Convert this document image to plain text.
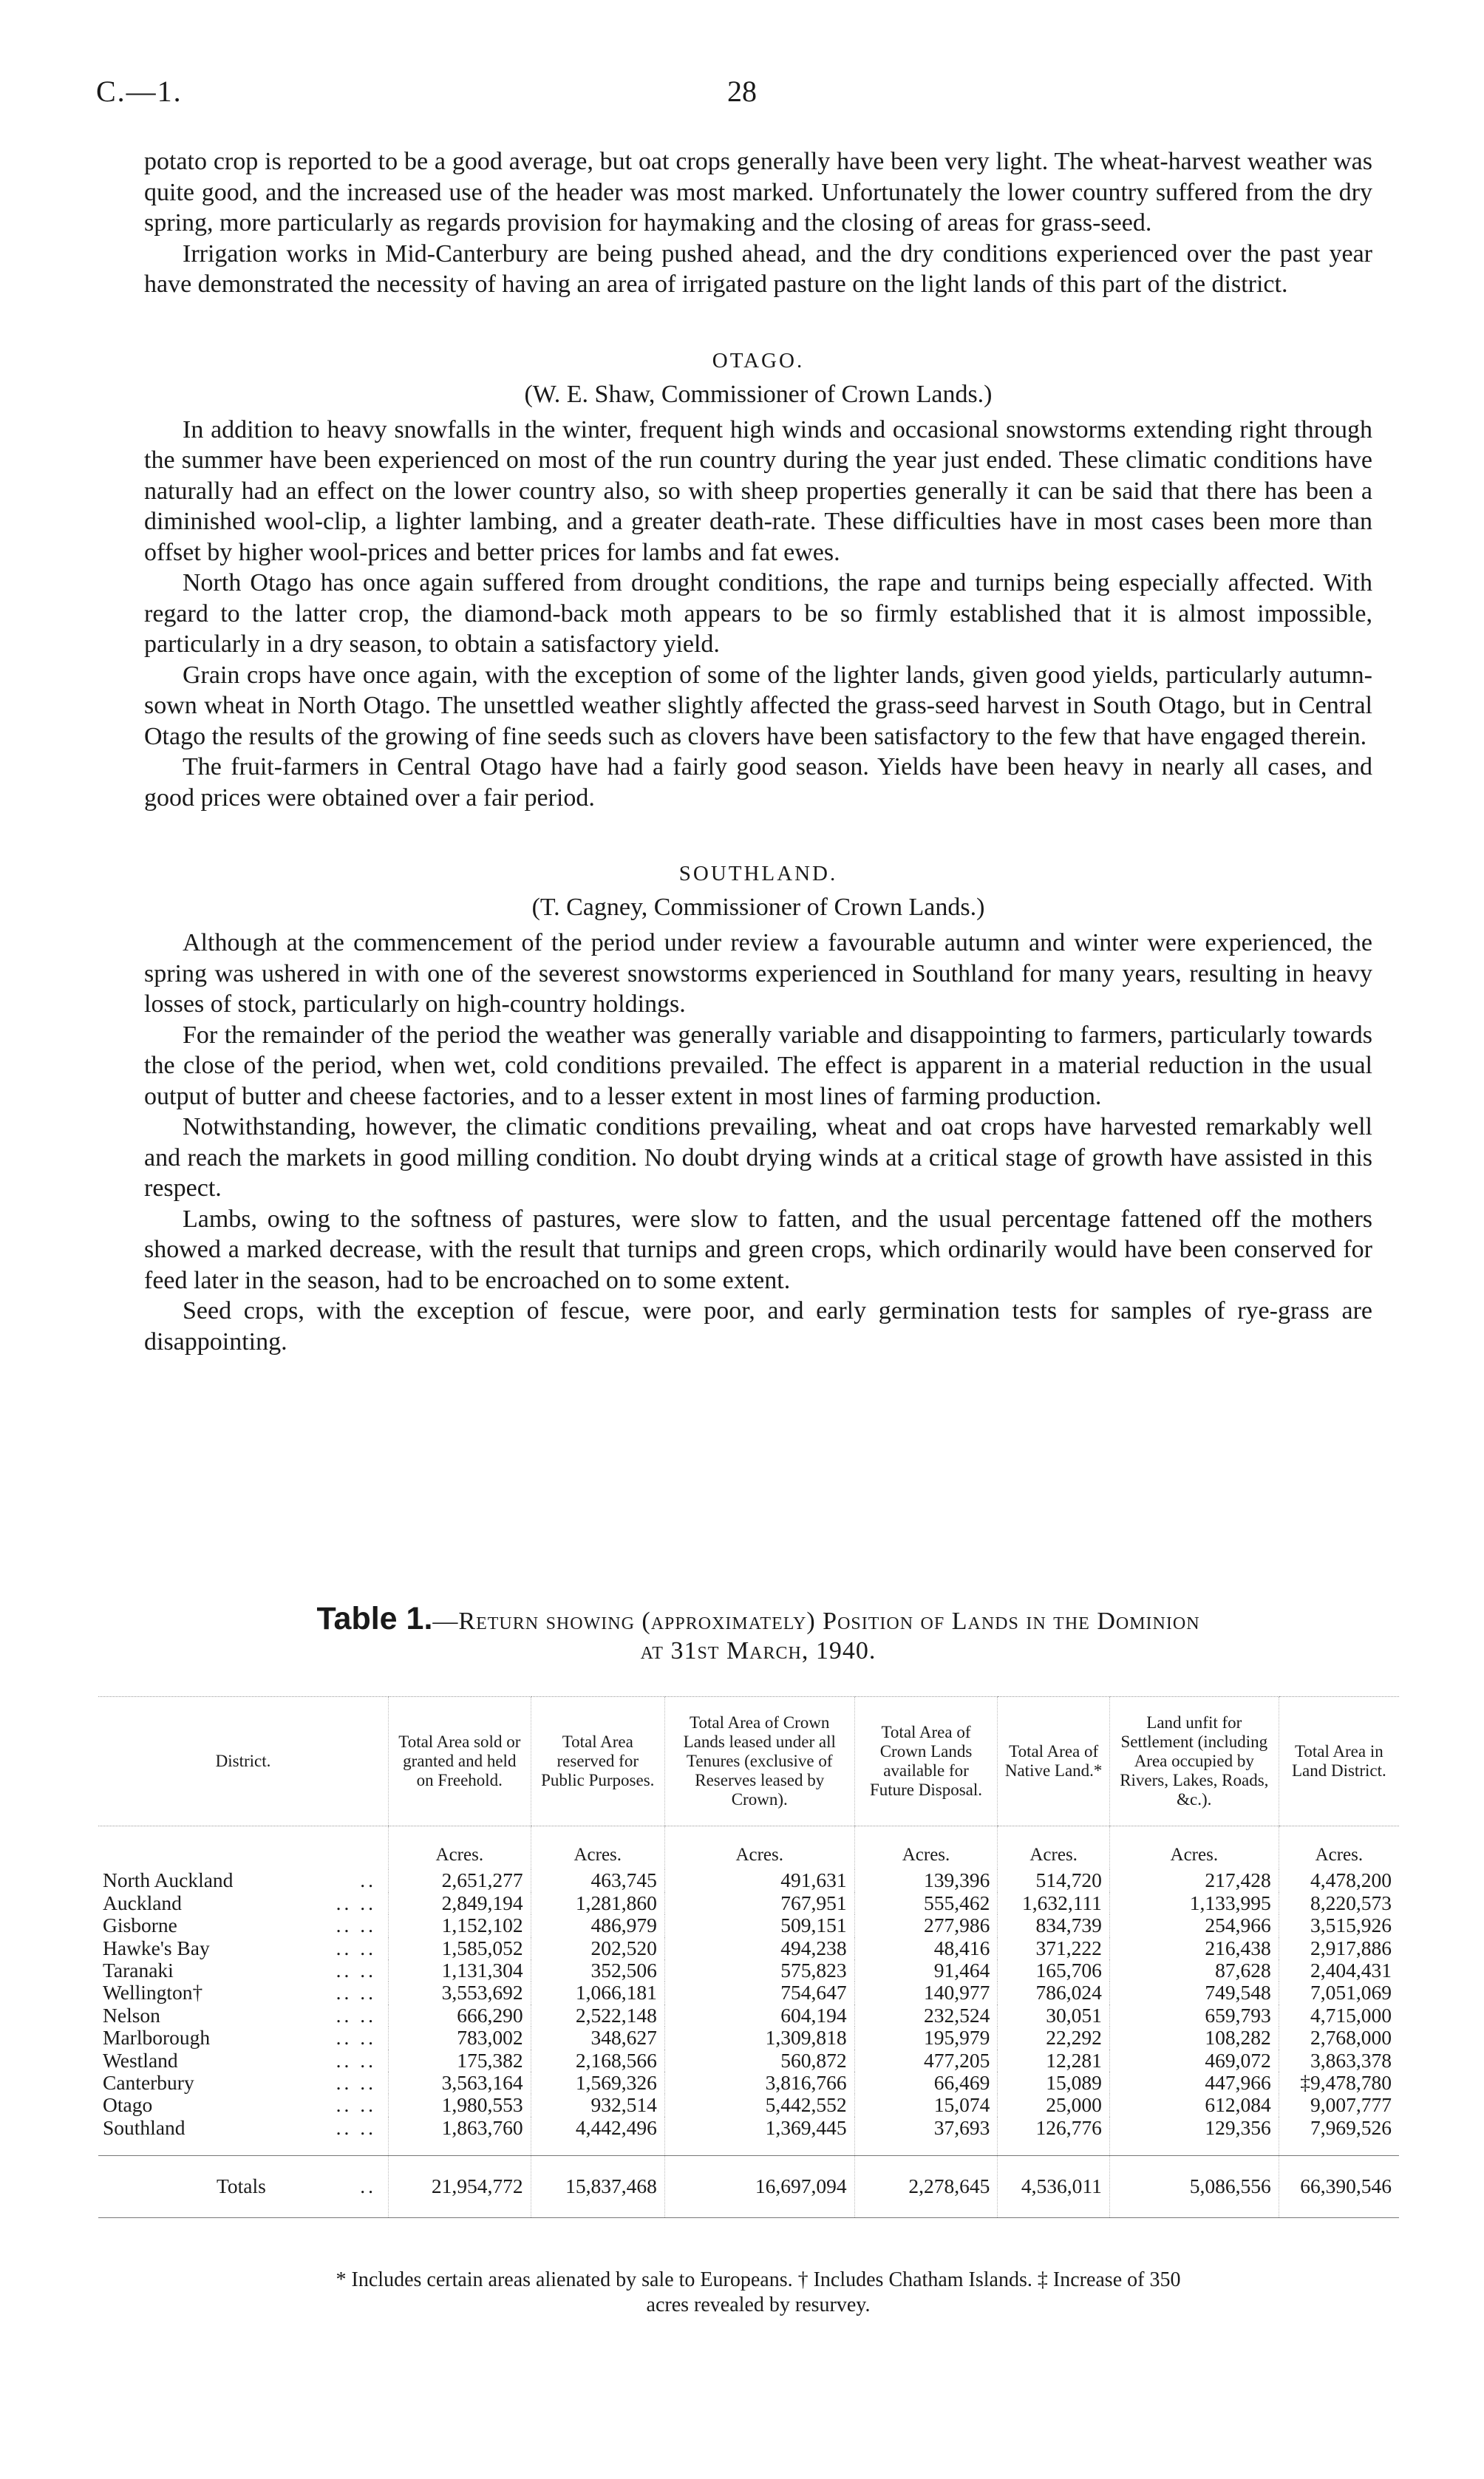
C.—1.	28

potato crop is reported to be a good average, but oat crops generally have been very light. The wheat-harvest weather was quite good, and the increased use of the header was most marked. Unfortunately the lower country suffered from the dry spring, more particularly as regards provision for haymaking and the closing of areas for grass-seed.

Irrigation works in Mid-Canterbury are being pushed ahead, and the dry conditions experienced over the past year have demonstrated the necessity of having an area of irrigated pasture on the light lands of this part of the district.

OTAGO.
(W. E. Shaw, Commissioner of Crown Lands.)

In addition to heavy snowfalls in the winter, frequent high winds and occasional snowstorms extending right through the summer have been experienced on most of the run country during the year just ended. These climatic conditions have naturally had an effect on the lower country also, so with sheep properties generally it can be said that there has been a diminished wool-clip, a lighter lambing, and a greater death-rate. These difficulties have in most cases been more than offset by higher wool-prices and better prices for lambs and fat ewes.

North Otago has once again suffered from drought conditions, the rape and turnips being especially affected. With regard to the latter crop, the diamond-back moth appears to be so firmly established that it is almost impossible, particularly in a dry season, to obtain a satisfactory yield.

Grain crops have once again, with the exception of some of the lighter lands, given good yields, particularly autumn-sown wheat in North Otago. The unsettled weather slightly affected the grass-seed harvest in South Otago, but in Central Otago the results of the growing of fine seeds such as clovers have been satisfactory to the few that have engaged therein.

The fruit-farmers in Central Otago have had a fairly good season. Yields have been heavy in nearly all cases, and good prices were obtained over a fair period.

SOUTHLAND.
(T. Cagney, Commissioner of Crown Lands.)

Although at the commencement of the period under review a favourable autumn and winter were experienced, the spring was ushered in with one of the severest snowstorms experienced in Southland for many years, resulting in heavy losses of stock, particularly on high-country holdings.

For the remainder of the period the weather was generally variable and disappointing to farmers, particularly towards the close of the period, when wet, cold conditions prevailed. The effect is apparent in a material reduction in the usual output of butter and cheese factories, and to a lesser extent in most lines of farming production.

Notwithstanding, however, the climatic conditions prevailing, wheat and oat crops have harvested remarkably well and reach the markets in good milling condition. No doubt drying winds at a critical stage of growth have assisted in this respect.

Lambs, owing to the softness of pastures, were slow to fatten, and the usual percentage fattened off the mothers showed a marked decrease, with the result that turnips and green crops, which ordinarily would have been conserved for feed later in the season, had to be encroached on to some extent.

Seed crops, with the exception of fescue, were poor, and early germination tests for samples of rye-grass are disappointing.

Table 1.—Return showing (approximately) Position of Lands in the Dominion
at 31st March, 1940.
District.	Total Area sold or granted and held on Freehold.	Total Area reserved for Public Purposes.	Total Area of Crown Lands leased under all Tenures (exclusive of Reserves leased by Crown).	Total Area of Crown Lands available for Future Disposal.	Total Area of Native Land.*	Land unfit for Settlement (including Area occupied by Rivers, Lakes, Roads, &c.).	Total Area in Land District.
	Acres.	Acres.	Acres.	Acres.	Acres.	Acres.	Acres.
North Auckland ..	2,651,277	463,745	491,631	139,396	514,720	217,428	4,478,200
Auckland .. ..	2,849,194	1,281,860	767,951	555,462	1,632,111	1,133,995	8,220,573
Gisborne .. ..	1,152,102	486,979	509,151	277,986	834,739	254,966	3,515,926
Hawke's Bay .. ..	1,585,052	202,520	494,238	48,416	371,222	216,438	2,917,886
Taranaki .. ..	1,131,304	352,506	575,823	91,464	165,706	87,628	2,404,431
Wellington† .. ..	3,553,692	1,066,181	754,647	140,977	786,024	749,548	7,051,069
Nelson .. ..	666,290	2,522,148	604,194	232,524	30,051	659,793	4,715,000
Marlborough .. ..	783,002	348,627	1,309,818	195,979	22,292	108,282	2,768,000
Westland .. ..	175,382	2,168,566	560,872	477,205	12,281	469,072	3,863,378
Canterbury .. ..	3,563,164	1,569,326	3,816,766	66,469	15,089	447,966	‡9,478,780
Otago .. ..	1,980,553	932,514	5,442,552	15,074	25,000	612,084	9,007,777
Southland .. ..	1,863,760	4,442,496	1,369,445	37,693	126,776	129,356	7,969,526
Totals ..	21,954,772	15,837,468	16,697,094	2,278,645	4,536,011	5,086,556	66,390,546
* Includes certain areas alienated by sale to Europeans. † Includes Chatham Islands. ‡ Increase of 350
acres revealed by resurvey.
